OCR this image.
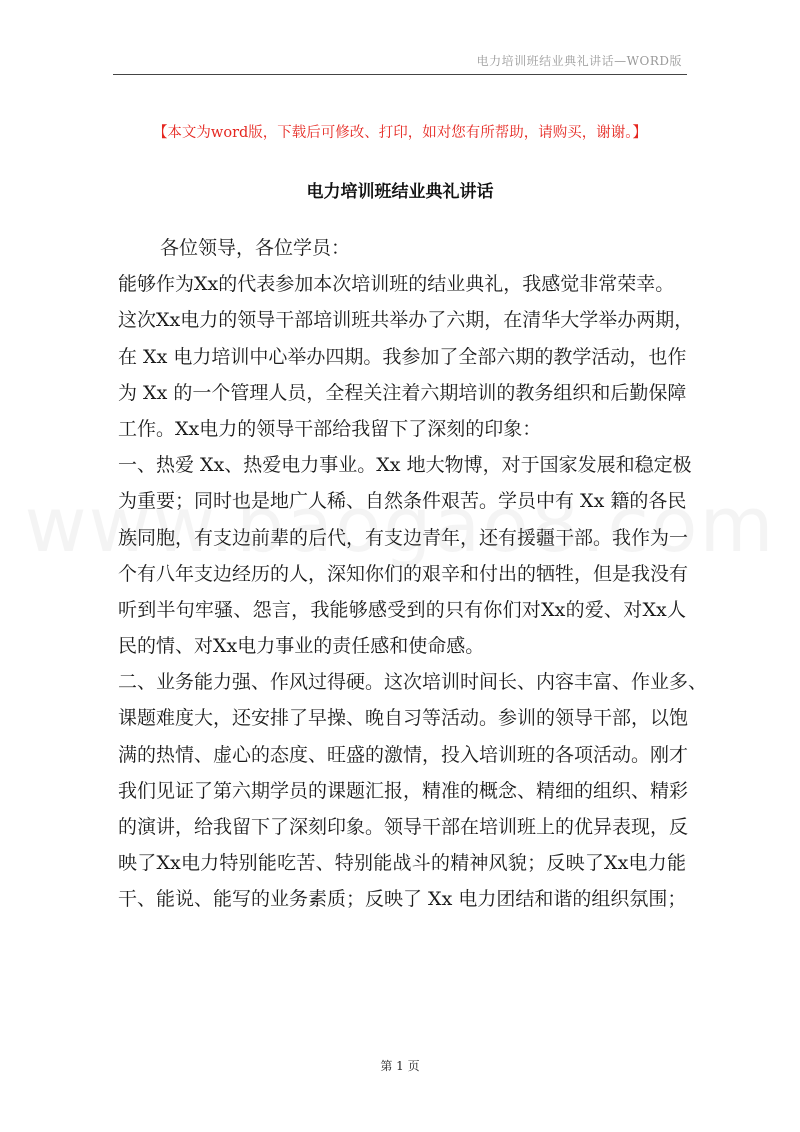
电力培训班结业典礼讲话—WORD版
【本文为word版，下载后可修改、打印，如对您有所帮助，请购买，谢谢。】
电力培训班结业典礼讲话
各位领导，各位学员：
能够作为Xx的代表参加本次培训班的结业典礼，我感觉非常荣幸。
这次Xx电力的领导干部培训班共举办了六期，在清华大学举办两期，
在 Xx 电力培训中心举办四期。我参加了全部六期的教学活动，也作
为 Xx 的一个管理人员，全程关注着六期培训的教务组织和后勤保障
工作。Xx电力的领导干部给我留下了深刻的印象：
一、热爱 Xx、热爱电力事业。Xx 地大物博，对于国家发展和稳定极
为重要；同时也是地广人稀、自然条件艰苦。学员中有 Xx 籍的各民
族同胞，有支边前辈的后代，有支边青年，还有援疆干部。我作为一
个有八年支边经历的人，深知你们的艰辛和付出的牺牲，但是我没有
听到半句牢骚、怨言，我能够感受到的只有你们对Xx的爱、对Xx人
民的情、对Xx电力事业的责任感和使命感。
二、业务能力强、作风过得硬。这次培训时间长、内容丰富、作业多、
课题难度大，还安排了早操、晚自习等活动。参训的领导干部，以饱
满的热情、虚心的态度、旺盛的激情，投入培训班的各项活动。刚才
我们见证了第六期学员的课题汇报，精准的概念、精细的组织、精彩
的演讲，给我留下了深刻印象。领导干部在培训班上的优异表现，反
映了Xx电力特别能吃苦、特别能战斗的精神风貌；反映了Xx电力能
干、能说、能写的业务素质；反映了 Xx 电力团结和谐的组织氛围；
第 1 页
